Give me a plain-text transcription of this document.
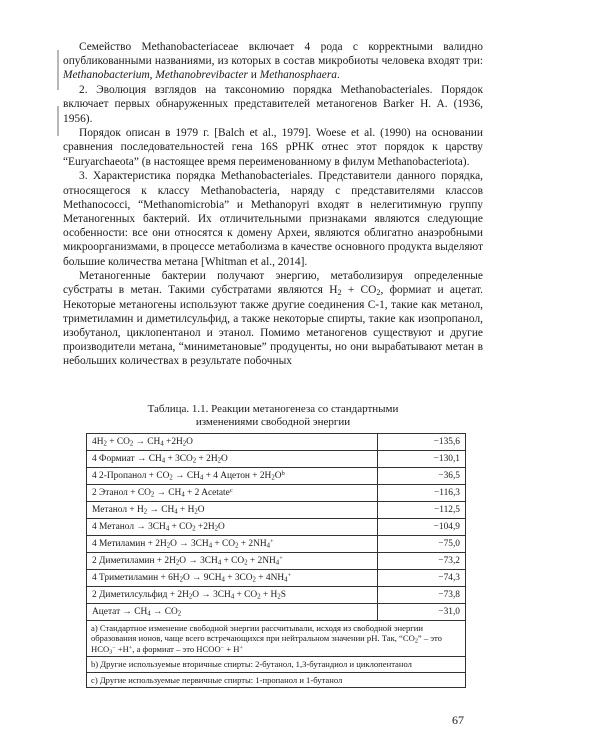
Семейство Methanobacteriaceae включает 4 рода с корректными валидно опубликованными названиями, из которых в состав микробиоты человека входят три: Methanobacterium, Methanobrevibacter и Methanosphaera.

2. Эволюция взглядов на таксономию порядка Methanobacteriales. Порядок включает первых обнаруженных представителей метаногенов Barker H. A. (1936, 1956).

Порядок описан в 1979 г. [Balch et al., 1979]. Woese et al. (1990) на основании сравнения последовательностей гена 16S рРНК отнес этот порядок к царству “Euryarchaeota” (в настоящее время переименованному в филум Methanobacteriota).

3. Характеристика порядка Methanobacteriales. Представители данного порядка, относящегося к классу Methanobacteria, наряду с представителями классов Methanococci, “Methanomicrobia” и Methanopyri входят в нелегитимную группу Метаногенных бактерий. Их отличительными признаками являются следующие особенности: все они относятся к домену Археи, являются облигатно анаэробными микроорганизмами, в процессе метаболизма в качестве основного продукта выделяют большие количества метана [Whitman et al., 2014].

Метаногенные бактерии получают энергию, метаболизируя определенные субстраты в метан. Такими субстратами являются $H_2 + CO_2$, формиат и ацетат. Некоторые метаногены используют также другие соединения С-1, такие как метанол, триметиламин и диметилсульфид, а также некоторые спирты, такие как изопропанол, изобутанол, циклопентанол и этанол. Помимо метаногенов существуют и другие производители метана, “миниметановые” продуценты, но они вырабатывают метан в небольших количествах в результате побочных

Таблица. 1.1. Реакции метаногенеза со стандартными
изменениями свободной энергии
$4H_2 + CO_2 \to CH_4 +2H_2O$	−135,6
4 Формиат → $CH_4 + 3CO_2 + 2H_2O$	−130,1
4 2-Пропанол + $CO_2 \to CH_4 + 4$ Ацетон + $2H_2O^b$	−36,5
2 Этанол + $CO_2 \to CH_4 + 2$ Acetate$^c$	−116,3
Метанол + $H_2 \to CH_4 + H_2O$	−112,5
4 Метанол → $3CH_4 + CO_2 +2H_2O$	−104,9
4 Метиламин + $2H_2O \to 3CH_4 + CO_2 + 2NH_4^+$	−75,0
2 Диметиламин + $2H_2O \to 3CH_4 + CO_2 + 2NH_4^+$	−73,2
4 Триметиламин + $6H_2O \to 9CH_4 + 3CO_2 + 4NH_4^+$	−74,3
2 Диметилсульфид + $2H_2O \to 3CH_4 + CO_2 + H_2S$	−73,8
Ацетат → $CH_4 \to CO_2$	−31,0
a) Стандартное изменение свободной энергии рассчитывали, исходя из свободной энергии образования ионов, чаще всего встречающихся при нейтральном значении pH. Так, “$CO_2$” – это $HCO_3^- +H^+$, а формиат – это HCOO− + H+
b) Другие используемые вторичные спирты: 2-бутанол, 1,3-бутандиол и циклопентанол	
c) Другие используемые первичные спирты: 1-пропанол и 1-бутанол	
67
